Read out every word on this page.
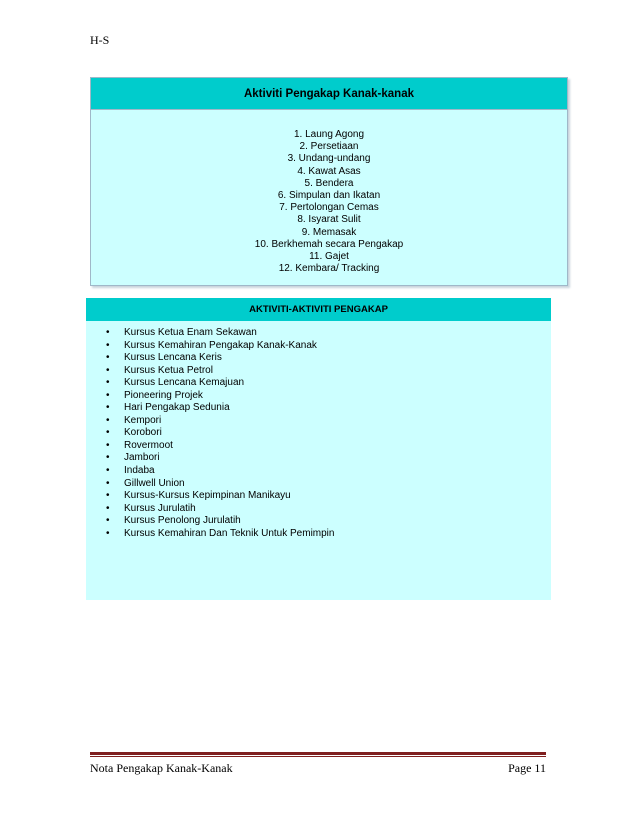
H-S
Aktiviti Pengakap Kanak-kanak
1. Laung Agong
2. Persetiaan
3. Undang-undang
4. Kawat Asas
5. Bendera
6. Simpulan dan Ikatan
7. Pertolongan Cemas
8. Isyarat Sulit
9. Memasak
10. Berkhemah secara Pengakap
11. Gajet
12. Kembara/ Tracking
AKTIVITI-AKTIVITI PENGAKAP
• Kursus Ketua Enam Sekawan
• Kursus Kemahiran Pengakap Kanak-Kanak
• Kursus Lencana Keris
• Kursus Ketua Petrol
• Kursus Lencana Kemajuan
• Pioneering Projek
• Hari Pengakap Sedunia
• Kempori
• Korobori
• Rovermoot
• Jambori
• Indaba
• Gillwell Union
• Kursus-Kursus Kepimpinan Manikayu
• Kursus Jurulatih
• Kursus Penolong Jurulatih
• Kursus Kemahiran Dan Teknik Untuk Pemimpin
Nota Pengakap Kanak-Kanak	Page 11
